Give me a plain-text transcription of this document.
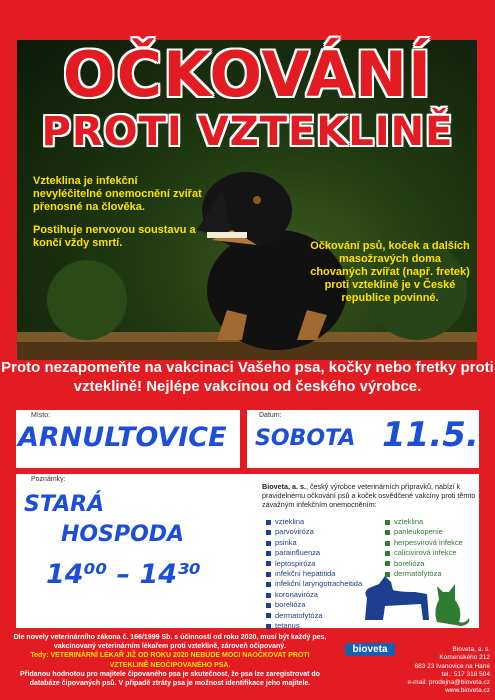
OČKOVÁNÍ
PROTI VZTEKLINĚ

Vzteklina je infekční nevyléčitelné onemocnění zvířat přenosné na člověka.

Postihuje nervovou soustavu a končí vždy smrtí.	Očkování psů, koček a dalších masožravých doma chovaných zvířat (např. fretek) proti vzteklině je v České republice povinné.
Proto nezapomeňte na vakcinaci Vašeho psa, kočky nebo fretky proti vzteklině! Nejlépe vakcínou od českého výrobce.
Místo:
ARNULTOVICE
Datum:
SOBOTA 11.5.
Poznámky:
STARÁ
HOSPODA
14⁰⁰ – 14³⁰
Bioveta, a. s., český výrobce veterinárních přípravků, nabízí k pravidelnému očkování psů a koček osvědčené vakcíny proti těmto závažným infekčním onemocněním:
vzteklina
parvoviróza
psinka
parainfluenza
leptospiróza
infekční hepatitida
infekční laryngotracheitida
koronaviróza
borelióza
dermatofytóza
tetanus
vzteklina
panleukopenie
herpesvirová infekce
calicivirová infekce
borelióza
dermatofytóza
Dle novely veterinárního zákona č. 166/1999 Sb. s účinností od roku 2020, musí být každý pes, vakcinovaný veterinárním lékařem proti vzteklině, zároveň očipovaný.
Tedy: VETERINÁRNÍ LÉKAŘ JIŽ OD ROKU 2020 NEBUDE MOCI NAOČKOVAT PROTI VZTEKLINĚ NEOČIPOVANÉHO PSA.
Přidanou hodnotou pro majitele čipovaného psa je skutečnost, že psa lze zaregistrovat do databáze čipovaných psů. V případě ztráty psa je možnost identifikace jeho majitele.
bioveta	Bioveta, a. s.
Komenského 212
683 23 Ivanovice na Hané
tel.: 517 318 504
e-mail: prodejna@bioveta.cz
www.bioveta.cz
